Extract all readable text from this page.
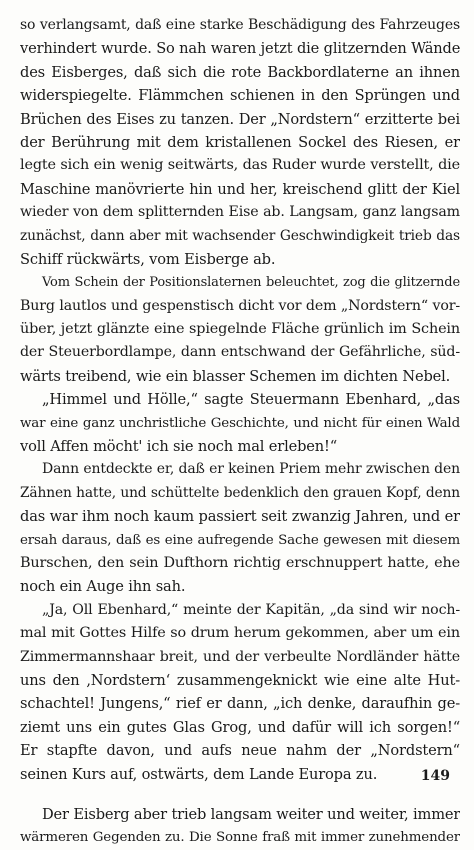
so verlangsamt, daß eine starke Beschädigung des Fahrzeuges
verhindert wurde. So nah waren jetzt die glitzernden Wände
des Eisberges, daß sich die rote Backbordlaterne an ihnen
widerspiegelte. Flämmchen schienen in den Sprüngen und
Brüchen des Eises zu tanzen. Der „Nordstern“ erzitterte bei
der Berührung mit dem kristallenen Sockel des Riesen, er
legte sich ein wenig seitwärts, das Ruder wurde verstellt, die
Maschine manövrierte hin und her, kreischend glitt der Kiel
wieder von dem splitternden Eise ab. Langsam, ganz langsam
zunächst, dann aber mit wachsender Geschwindigkeit trieb das
Schiff rückwärts, vom Eisberge ab.
Vom Schein der Positionslaternen beleuchtet, zog die glitzernde
Burg lautlos und gespenstisch dicht vor dem „Nordstern“ vor-
über, jetzt glänzte eine spiegelnde Fläche grünlich im Schein
der Steuerbordlampe, dann entschwand der Gefährliche, süd-
wärts treibend, wie ein blasser Schemen im dichten Nebel.
„Himmel und Hölle,“ sagte Steuermann Ebenhard, „das
war eine ganz unchristliche Geschichte, und nicht für einen Wald
voll Affen möcht' ich sie noch mal erleben!“
Dann entdeckte er, daß er keinen Priem mehr zwischen den
Zähnen hatte, und schüttelte bedenklich den grauen Kopf, denn
das war ihm noch kaum passiert seit zwanzig Jahren, und er
ersah daraus, daß es eine aufregende Sache gewesen mit diesem
Burschen, den sein Dufthorn richtig erschnuppert hatte, ehe
noch ein Auge ihn sah.
„Ja, Oll Ebenhard,“ meinte der Kapitän, „da sind wir noch-
mal mit Gottes Hilfe so drum herum gekommen, aber um ein
Zimmermannshaar breit, und der verbeulte Nordländer hätte
uns den ‚Nordstern‘ zusammengeknickt wie eine alte Hut-
schachtel! Jungens,“ rief er dann, „ich denke, daraufhin ge-
ziemt uns ein gutes Glas Grog, und dafür will ich sorgen!“
Er stapfte davon, und aufs neue nahm der „Nordstern“
seinen Kurs auf, ostwärts, dem Lande Europa zu.
Der Eisberg aber trieb langsam weiter und weiter, immer
wärmeren Gegenden zu. Die Sonne fraß mit immer zunehmender
149
